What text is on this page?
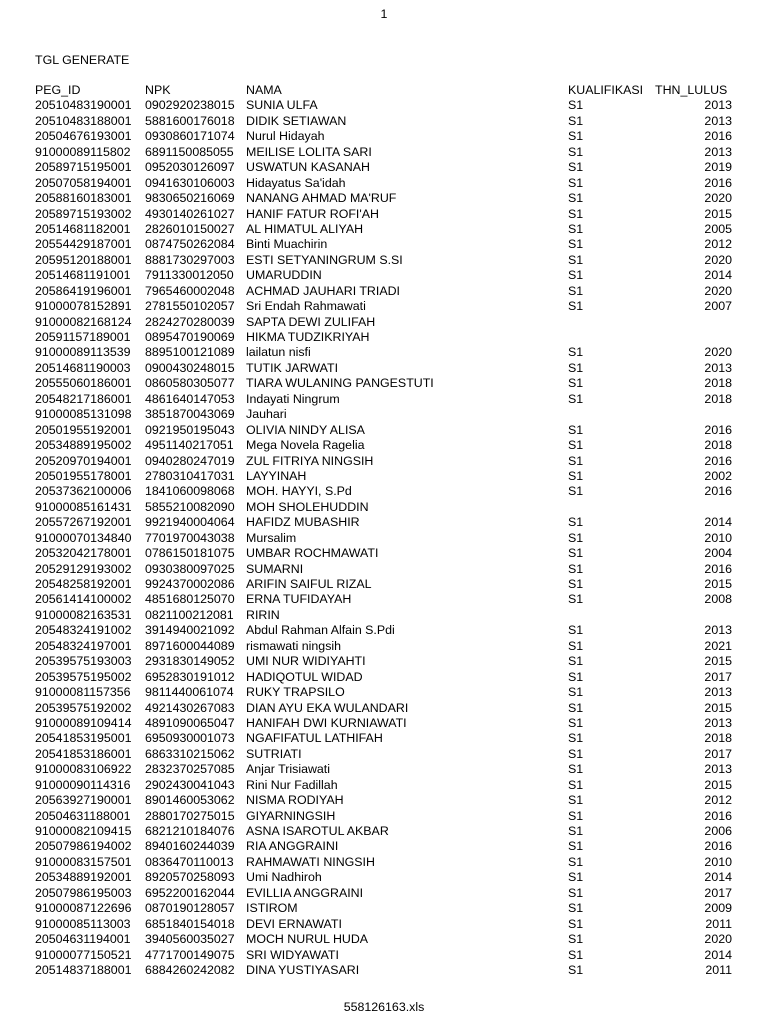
1
TGL GENERATE
PEG_ID	NPK	NAMA	KUALIFIKASI THN_LULUS
20510483190001 0902920238015 SUNIA ULFA	S1	2013
20510483188001 5881600176018 DIDIK SETIAWAN	S1	2013
20504676193001 0930860171074 Nurul Hidayah	S1	2016
91000089115802 6891150085055 MEILISE LOLITA SARI	S1	2013
20589715195001 0952030126097 USWATUN KASANAH	S1	2019
20507058194001 0941630106003 Hidayatus Sa'idah	S1	2016
20588160183001 9830650216069 NANANG AHMAD MA'RUF	S1	2020
20589715193002 4930140261027 HANIF FATUR ROFI'AH	S1	2015
20514681182001 2826010150027 AL HIMATUL ALIYAH	S1	2005
20554429187001 0874750262084 Binti Muachirin	S1	2012
20595120188001 8881730297003 ESTI SETYANINGRUM S.SI	S1	2020
20514681191001 7911330012050 UMARUDDIN	S1	2014
20586419196001 7965460002048 ACHMAD JAUHARI TRIADI	S1	2020
91000078152891 2781550102057 Sri Endah Rahmawati	S1	2007
91000082168124 2824270280039 SAPTA DEWI ZULIFAH
20591157189001 0895470190069 HIKMA TUDZIKRIYAH
91000089113539 8895100121089 lailatun nisfi	S1	2020
20514681190003 0900430248015 TUTIK JARWATI	S1	2013
20555060186001 0860580305077 TIARA WULANING PANGESTUTI	S1	2018
20548217186001 4861640147053 Indayati Ningrum	S1	2018
91000085131098 3851870043069 Jauhari
20501955192001 0921950195043 OLIVIA NINDY ALISA	S1	2016
20534889195002 4951140217051 Mega Novela Ragelia	S1	2018
20520970194001 0940280247019 ZUL FITRIYA NINGSIH	S1	2016
20501955178001 2780310417031 LAYYINAH	S1	2002
20537362100006 1841060098068 MOH. HAYYI, S.Pd	S1	2016
91000085161431 5855210082090 MOH SHOLEHUDDIN
20557267192001 9921940004064 HAFIDZ MUBASHIR	S1	2014
91000070134840 7701970043038 Mursalim	S1	2010
20532042178001 0786150181075 UMBAR ROCHMAWATI	S1	2004
20529129193002 0930380097025 SUMARNI	S1	2016
20548258192001 9924370002086 ARIFIN SAIFUL RIZAL	S1	2015
20561414100002 4851680125070 ERNA TUFIDAYAH	S1	2008
91000082163531 0821100212081 RIRIN
20548324191002 3914940021092 Abdul Rahman Alfain S.Pdi	S1	2013
20548324197001 8971600044089 rismawati ningsih	S1	2021
20539575193003 2931830149052 UMI NUR WIDIYAHTI	S1	2015
20539575195002 6952830191012 HADIQOTUL WIDAD	S1	2017
91000081157356 9811440061074 RUKY TRAPSILO	S1	2013
20539575192002 4921430267083 DIAN AYU EKA WULANDARI	S1	2015
91000089109414 4891090065047 HANIFAH DWI KURNIAWATI	S1	2013
20541853195001 6950930001073 NGAFIFATUL LATHIFAH	S1	2018
20541853186001 6863310215062 SUTRIATI	S1	2017
91000083106922 2832370257085 Anjar Trisiawati	S1	2013
91000090114316 2902430041043 Rini Nur Fadillah	S1	2015
20563927190001 8901460053062 NISMA RODIYAH	S1	2012
20504631188001 2880170275015 GIYARNINGSIH	S1	2016
91000082109415 6821210184076 ASNA ISAROTUL AKBAR	S1	2006
20507986194002 8940160244039 RIA ANGGRAINI	S1	2016
91000083157501 0836470110013 RAHMAWATI NINGSIH	S1	2010
20534889192001 8920570258093 Umi Nadhiroh	S1	2014
20507986195003 6952200162044 EVILLIA ANGGRAINI	S1	2017
91000087122696 0870190128057 ISTIROM	S1	2009
91000085113003 6851840154018 DEVI ERNAWATI	S1	2011
20504631194001 3940560035027 MOCH NURUL HUDA	S1	2020
91000077150521 4771700149075 SRI WIDYAWATI	S1	2014
20514837188001 6884260242082 DINA YUSTIYASARI	S1	2011
558126163.xls
